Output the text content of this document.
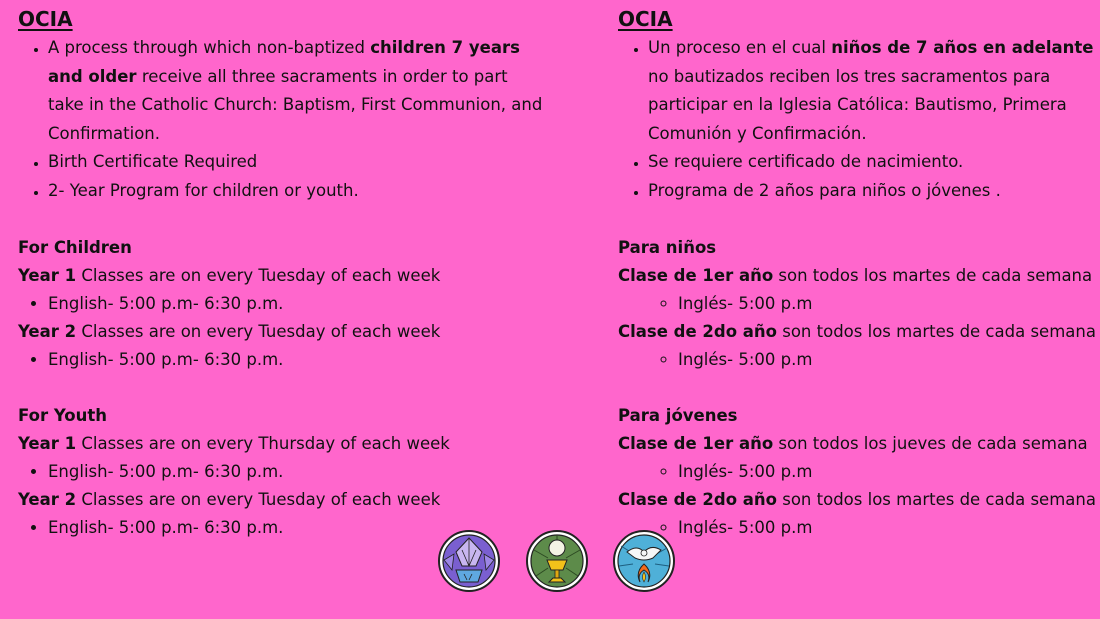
OCIA
• A process through which non-baptized children 7 years and older receive all three sacraments in order to part take in the Catholic Church: Baptism, First Communion, and Confirmation.
• Birth Certificate Required
• 2- Year Program for children or youth.

For Children

Year 1 Classes are on every Tuesday of each week

• English- 5:00 p.m- 6:30 p.m.

Year 2 Classes are on every Tuesday of each week

• English- 5:00 p.m- 6:30 p.m.

For Youth

Year 1 Classes are on every Thursday of each week

• English- 5:00 p.m- 6:30 p.m.

Year 2 Classes are on every Tuesday of each week

• English- 5:00 p.m- 6:30 p.m.
OCIA
• Un proceso en el cual niños de 7 años en adelante no bautizados reciben los tres sacramentos para participar en la Iglesia Católica: Bautismo, Primera Comunión y Confirmación.
• Se requiere certificado de nacimiento.
• Programa de 2 años para niños o jóvenes .

Para niños

Clase de 1er año son todos los martes de cada semana

◦ Inglés- 5:00 p.m

Clase de 2do año son todos los martes de cada semana

◦ Inglés- 5:00 p.m

Para jóvenes

Clase de 1er año son todos los jueves de cada semana

◦ Inglés- 5:00 p.m

Clase de 2do año son todos los martes de cada semana

◦ Inglés- 5:00 p.m
